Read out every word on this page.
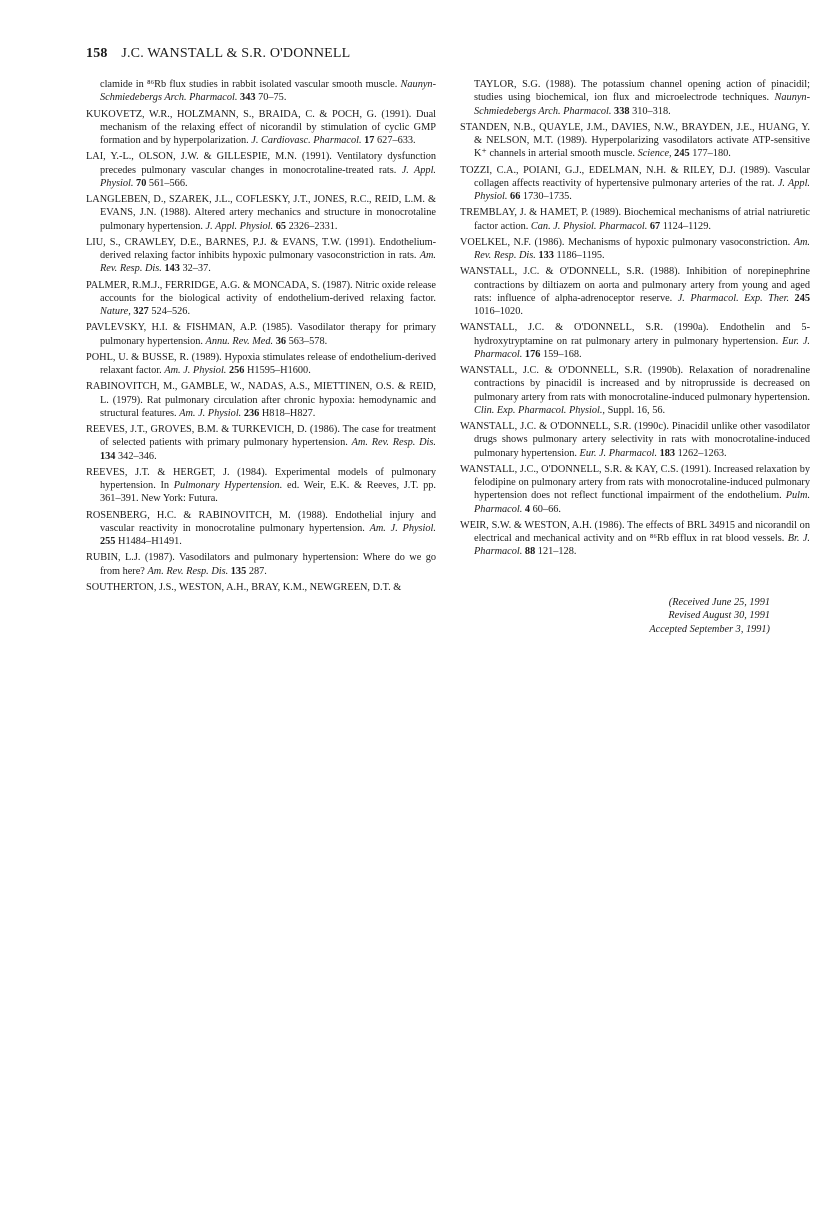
158 J.C. WANSTALL & S.R. O'DONNELL

clamide in ⁸⁶Rb flux studies in rabbit isolated vascular smooth muscle. Naunyn-Schmiedebergs Arch. Pharmacol. 343 70–75.

KUKOVETZ, W.R., HOLZMANN, S., BRAIDA, C. & POCH, G. (1991). Dual mechanism of the relaxing effect of nicorandil by stimulation of cyclic GMP formation and by hyperpolarization. J. Cardiovasc. Pharmacol. 17 627–633.

LAI, Y.-L., OLSON, J.W. & GILLESPIE, M.N. (1991). Ventilatory dysfunction precedes pulmonary vascular changes in monocrotaline-treated rats. J. Appl. Physiol. 70 561–566.

LANGLEBEN, D., SZAREK, J.L., COFLESKY, J.T., JONES, R.C., REID, L.M. & EVANS, J.N. (1988). Altered artery mechanics and structure in monocrotaline pulmonary hypertension. J. Appl. Physiol. 65 2326–2331.

LIU, S., CRAWLEY, D.E., BARNES, P.J. & EVANS, T.W. (1991). Endothelium-derived relaxing factor inhibits hypoxic pulmonary vasoconstriction in rats. Am. Rev. Resp. Dis. 143 32–37.

PALMER, R.M.J., FERRIDGE, A.G. & MONCADA, S. (1987). Nitric oxide release accounts for the biological activity of endothelium-derived relaxing factor. Nature, 327 524–526.

PAVLEVSKY, H.I. & FISHMAN, A.P. (1985). Vasodilator therapy for primary pulmonary hypertension. Annu. Rev. Med. 36 563–578.

POHL, U. & BUSSE, R. (1989). Hypoxia stimulates release of endothelium-derived relaxant factor. Am. J. Physiol. 256 H1595–H1600.

RABINOVITCH, M., GAMBLE, W., NADAS, A.S., MIETTINEN, O.S. & REID, L. (1979). Rat pulmonary circulation after chronic hypoxia: hemodynamic and structural features. Am. J. Physiol. 236 H818–H827.

REEVES, J.T., GROVES, B.M. & TURKEVICH, D. (1986). The case for treatment of selected patients with primary pulmonary hypertension. Am. Rev. Resp. Dis. 134 342–346.

REEVES, J.T. & HERGET, J. (1984). Experimental models of pulmonary hypertension. In Pulmonary Hypertension. ed. Weir, E.K. & Reeves, J.T. pp. 361–391. New York: Futura.

ROSENBERG, H.C. & RABINOVITCH, M. (1988). Endothelial injury and vascular reactivity in monocrotaline pulmonary hypertension. Am. J. Physiol. 255 H1484–H1491.

RUBIN, L.J. (1987). Vasodilators and pulmonary hypertension: Where do we go from here? Am. Rev. Resp. Dis. 135 287.

SOUTHERTON, J.S., WESTON, A.H., BRAY, K.M., NEWGREEN, D.T. &

TAYLOR, S.G. (1988). The potassium channel opening action of pinacidil; studies using biochemical, ion flux and microelectrode techniques. Naunyn-Schmiedebergs Arch. Pharmacol. 338 310–318.

STANDEN, N.B., QUAYLE, J.M., DAVIES, N.W., BRAYDEN, J.E., HUANG, Y. & NELSON, M.T. (1989). Hyperpolarizing vasodilators activate ATP-sensitive K⁺ channels in arterial smooth muscle. Science, 245 177–180.

TOZZI, C.A., POIANI, G.J., EDELMAN, N.H. & RILEY, D.J. (1989). Vascular collagen affects reactivity of hypertensive pulmonary arteries of the rat. J. Appl. Physiol. 66 1730–1735.

TREMBLAY, J. & HAMET, P. (1989). Biochemical mechanisms of atrial natriuretic factor action. Can. J. Physiol. Pharmacol. 67 1124–1129.

VOELKEL, N.F. (1986). Mechanisms of hypoxic pulmonary vasoconstriction. Am. Rev. Resp. Dis. 133 1186–1195.

WANSTALL, J.C. & O'DONNELL, S.R. (1988). Inhibition of norepinephrine contractions by diltiazem on aorta and pulmonary artery from young and aged rats: influence of alpha-adrenoceptor reserve. J. Pharmacol. Exp. Ther. 245 1016–1020.

WANSTALL, J.C. & O'DONNELL, S.R. (1990a). Endothelin and 5-hydroxytryptamine on rat pulmonary artery in pulmonary hypertension. Eur. J. Pharmacol. 176 159–168.

WANSTALL, J.C. & O'DONNELL, S.R. (1990b). Relaxation of noradrenaline contractions by pinacidil is increased and by nitroprusside is decreased on pulmonary artery from rats with monocrotaline-induced pulmonary hypertension. Clin. Exp. Pharmacol. Physiol., Suppl. 16, 56.

WANSTALL, J.C. & O'DONNELL, S.R. (1990c). Pinacidil unlike other vasodilator drugs shows pulmonary artery selectivity in rats with monocrotaline-induced pulmonary hypertension. Eur. J. Pharmacol. 183 1262–1263.

WANSTALL, J.C., O'DONNELL, S.R. & KAY, C.S. (1991). Increased relaxation by felodipine on pulmonary artery from rats with monocrotaline-induced pulmonary hypertension does not reflect functional impairment of the endothelium. Pulm. Pharmacol. 4 60–66.

WEIR, S.W. & WESTON, A.H. (1986). The effects of BRL 34915 and nicorandil on electrical and mechanical activity and on ⁸⁶Rb efflux in rat blood vessels. Br. J. Pharmacol. 88 121–128.

(Received June 25, 1991
Revised August 30, 1991
Accepted September 3, 1991)
